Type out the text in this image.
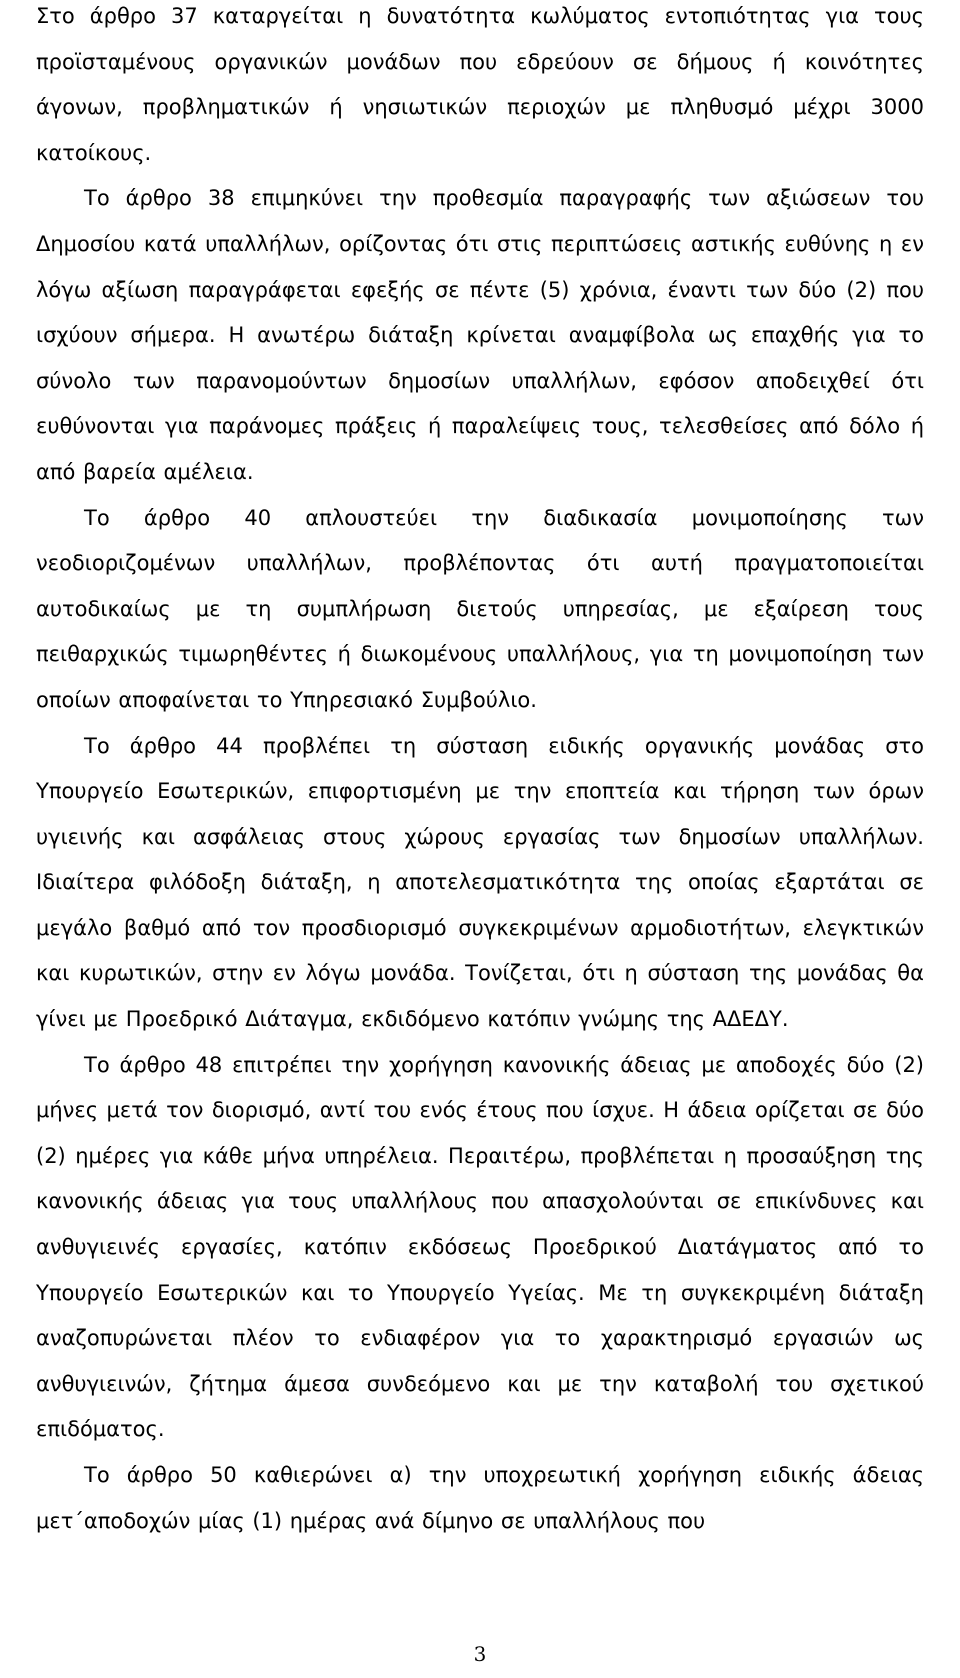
Στο άρθρο 37 καταργείται η δυνατότητα κωλύματος εντοπιότητας για τους προϊσταμένους οργανικών μονάδων που εδρεύουν σε δήμους ή κοινότητες άγονων, προβληματικών ή νησιωτικών περιοχών με πληθυσμό μέχρι 3000 κατοίκους.

Το άρθρο 38 επιμηκύνει την προθεσμία παραγραφής των αξιώσεων του Δημοσίου κατά υπαλλήλων, ορίζοντας ότι στις περιπτώσεις αστικής ευθύνης η εν λόγω αξίωση παραγράφεται εφεξής σε πέντε (5) χρόνια, έναντι των δύο (2) που ισχύουν σήμερα. Η ανωτέρω διάταξη κρίνεται αναμφίβολα ως επαχθής για το σύνολο των παρανομούντων δημοσίων υπαλλήλων, εφόσον αποδειχθεί ότι ευθύνονται για παράνομες πράξεις ή παραλείψεις τους, τελεσθείσες από δόλο ή από βαρεία αμέλεια.

Το άρθρο 40 απλουστεύει την διαδικασία μονιμοποίησης των νεοδιοριζομένων υπαλλήλων, προβλέποντας ότι αυτή πραγματοποιείται αυτοδικαίως με τη συμπλήρωση διετούς υπηρεσίας, με εξαίρεση τους πειθαρχικώς τιμωρηθέντες ή διωκομένους υπαλλήλους, για τη μονιμοποίηση των οποίων αποφαίνεται το Υπηρεσιακό Συμβούλιο.

Το άρθρο 44 προβλέπει τη σύσταση ειδικής οργανικής μονάδας στο Υπουργείο Εσωτερικών, επιφορτισμένη με την εποπτεία και τήρηση των όρων υγιεινής και ασφάλειας στους χώρους εργασίας των δημοσίων υπαλλήλων. Ιδιαίτερα φιλόδοξη διάταξη, η αποτελεσματικότητα της οποίας εξαρτάται σε μεγάλο βαθμό από τον προσδιορισμό συγκεκριμένων αρμοδιοτήτων, ελεγκτικών και κυρωτικών, στην εν λόγω μονάδα. Τονίζεται, ότι η σύσταση της μονάδας θα γίνει με Προεδρικό Διάταγμα, εκδιδόμενο κατόπιν γνώμης της ΑΔΕΔΥ.

Το άρθρο 48 επιτρέπει την χορήγηση κανονικής άδειας με αποδοχές δύο (2) μήνες μετά τον διορισμό, αντί του ενός έτους που ίσχυε. Η άδεια ορίζεται σε δύο (2) ημέρες για κάθε μήνα υπηρέλεια. Περαιτέρω, προβλέπεται η προσαύξηση της κανονικής άδειας για τους υπαλλήλους που απασχολούνται σε επικίνδυνες και ανθυγιεινές εργασίες, κατόπιν εκδόσεως Προεδρικού Διατάγματος από το Υπουργείο Εσωτερικών και το Υπουργείο Υγείας. Με τη συγκεκριμένη διάταξη αναζοπυρώνεται πλέον το ενδιαφέρον για το χαρακτηρισμό εργασιών ως ανθυγιεινών, ζήτημα άμεσα συνδεόμενο και με την καταβολή του σχετικού επιδόματος.

Το άρθρο 50 καθιερώνει α) την υποχρεωτική χορήγηση ειδικής άδειας μετ΄αποδοχών μίας (1) ημέρας ανά δίμηνο σε υπαλλήλους που

3
